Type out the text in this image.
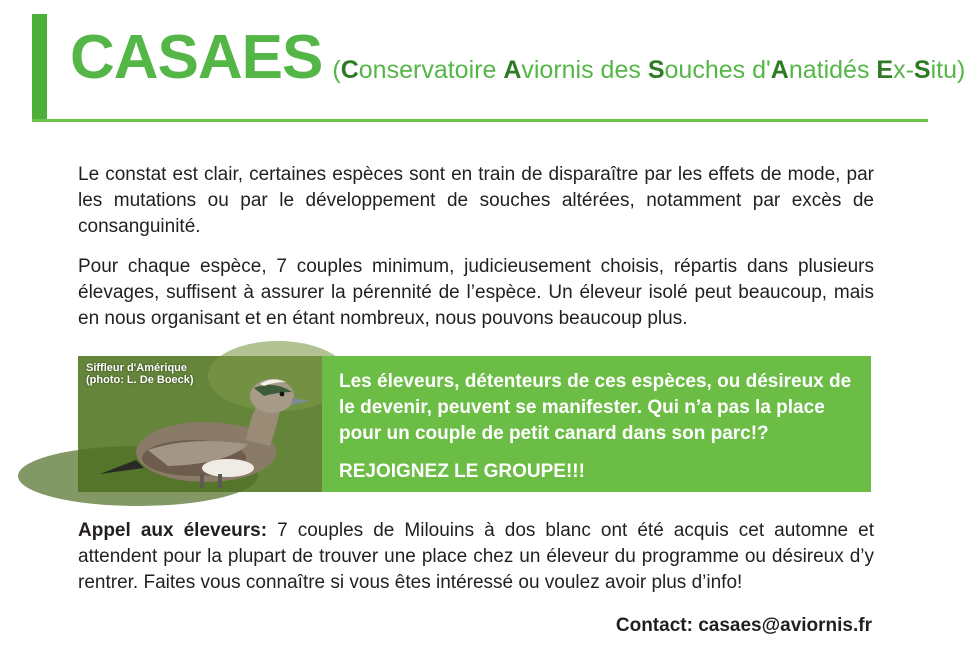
CASAES (Conservatoire Aviornis des Souches d'Anatidés Ex-Situ)

Le constat est clair, certaines espèces sont en train de disparaître par les effets de mode, par les mutations ou par le développement de souches altérées, notamment par excès de consanguinité.

Pour chaque espèce, 7 couples minimum, judicieusement choisis, répartis dans plusieurs élevages, suffisent à assurer la pérennité de l’espèce. Un éleveur isolé peut beaucoup, mais en nous organisant et en étant nombreux, nous pouvons beaucoup plus.

Siffleur d'Amérique
(photo: L. De Boeck)	Les éleveurs, détenteurs de ces espèces, ou désireux de le devenir, peuvent se manifester. Qui n’a pas la place pour un couple de petit canard dans son parc!?
REJOIGNEZ LE GROUPE!!!

Appel aux éleveurs: 7 couples de Milouins à dos blanc ont été acquis cet automne et attendent pour la plupart de trouver une place chez un éleveur du programme ou désireux d’y rentrer. Faites vous connaître si vous êtes intéressé ou voulez avoir plus d’info!

Contact: casaes@aviornis.fr
